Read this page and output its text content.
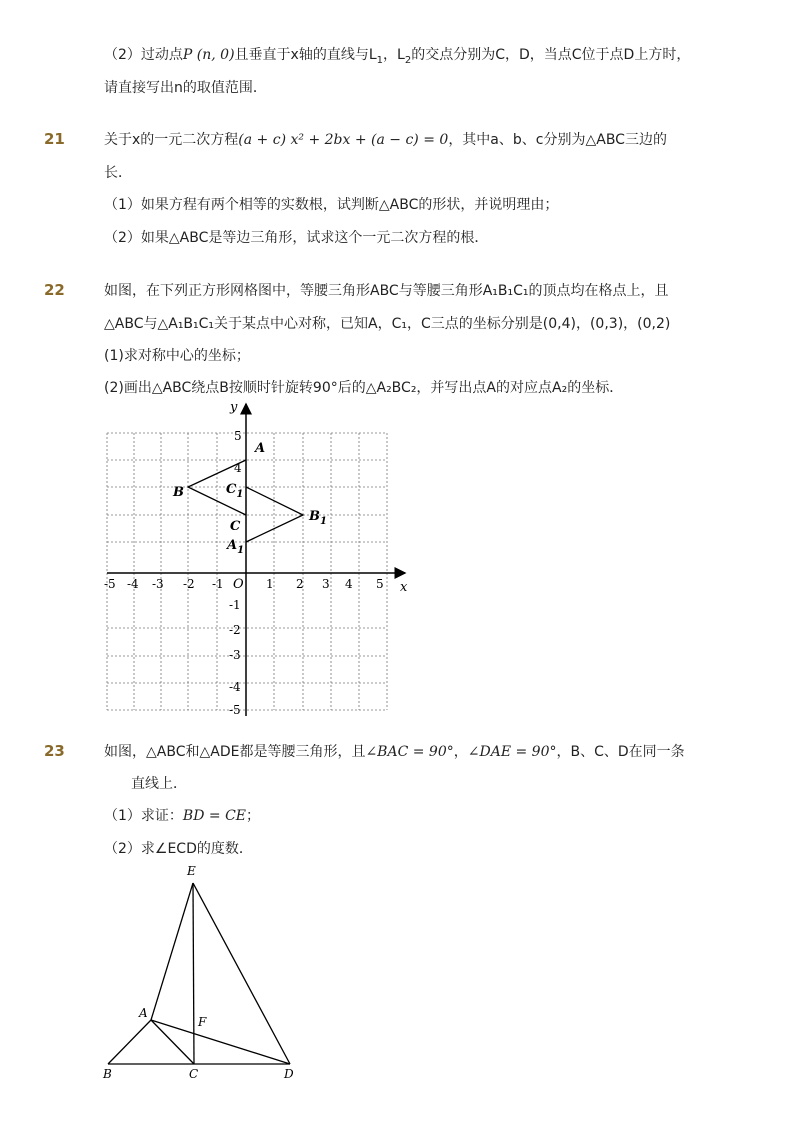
（2）过动点P (n, 0)且垂直于x轴的直线与$L_1$，$L_2$的交点分别为C，D，当点C位于点D上方时，
请直接写出n的取值范围．
21	关于x的一元二次方程(a + c) x² + 2bx + (a − c) = 0，其中a、b、c分别为△ABC三边的
长．
（1）如果方程有两个相等的实数根，试判断△ABC的形状，并说明理由；
（2）如果△ABC是等边三角形，试求这个一元二次方程的根．
22	如图，在下列正方形网格图中，等腰三角形ABC与等腰三角形A₁B₁C₁的顶点均在格点上，且
△ABC与△A₁B₁C₁关于某点中心对称，已知A，C₁，C三点的坐标分别是(0,4)，(0,3)，(0,2)
(1)求对称中心的坐标；
(2)画出△ABC绕点B按顺时针旋转90°后的△A₂BC₂，并写出点A的对应点A₂的坐标．
x
y
O
-5 -4 -3 -2 -1	1 2 3 4 5
5
4
-1
-2
-3
-4
-5
A
B	$C_1$
$B_1$
C
$A_1$
23	如图，△ABC和△ADE都是等腰三角形，且∠BAC = 90°，∠DAE = 90°，B、C、D在同一条
直线上．
（1）求证：BD = CE；
（2）求∠ECD的度数．
E
A
F
B	C	D
